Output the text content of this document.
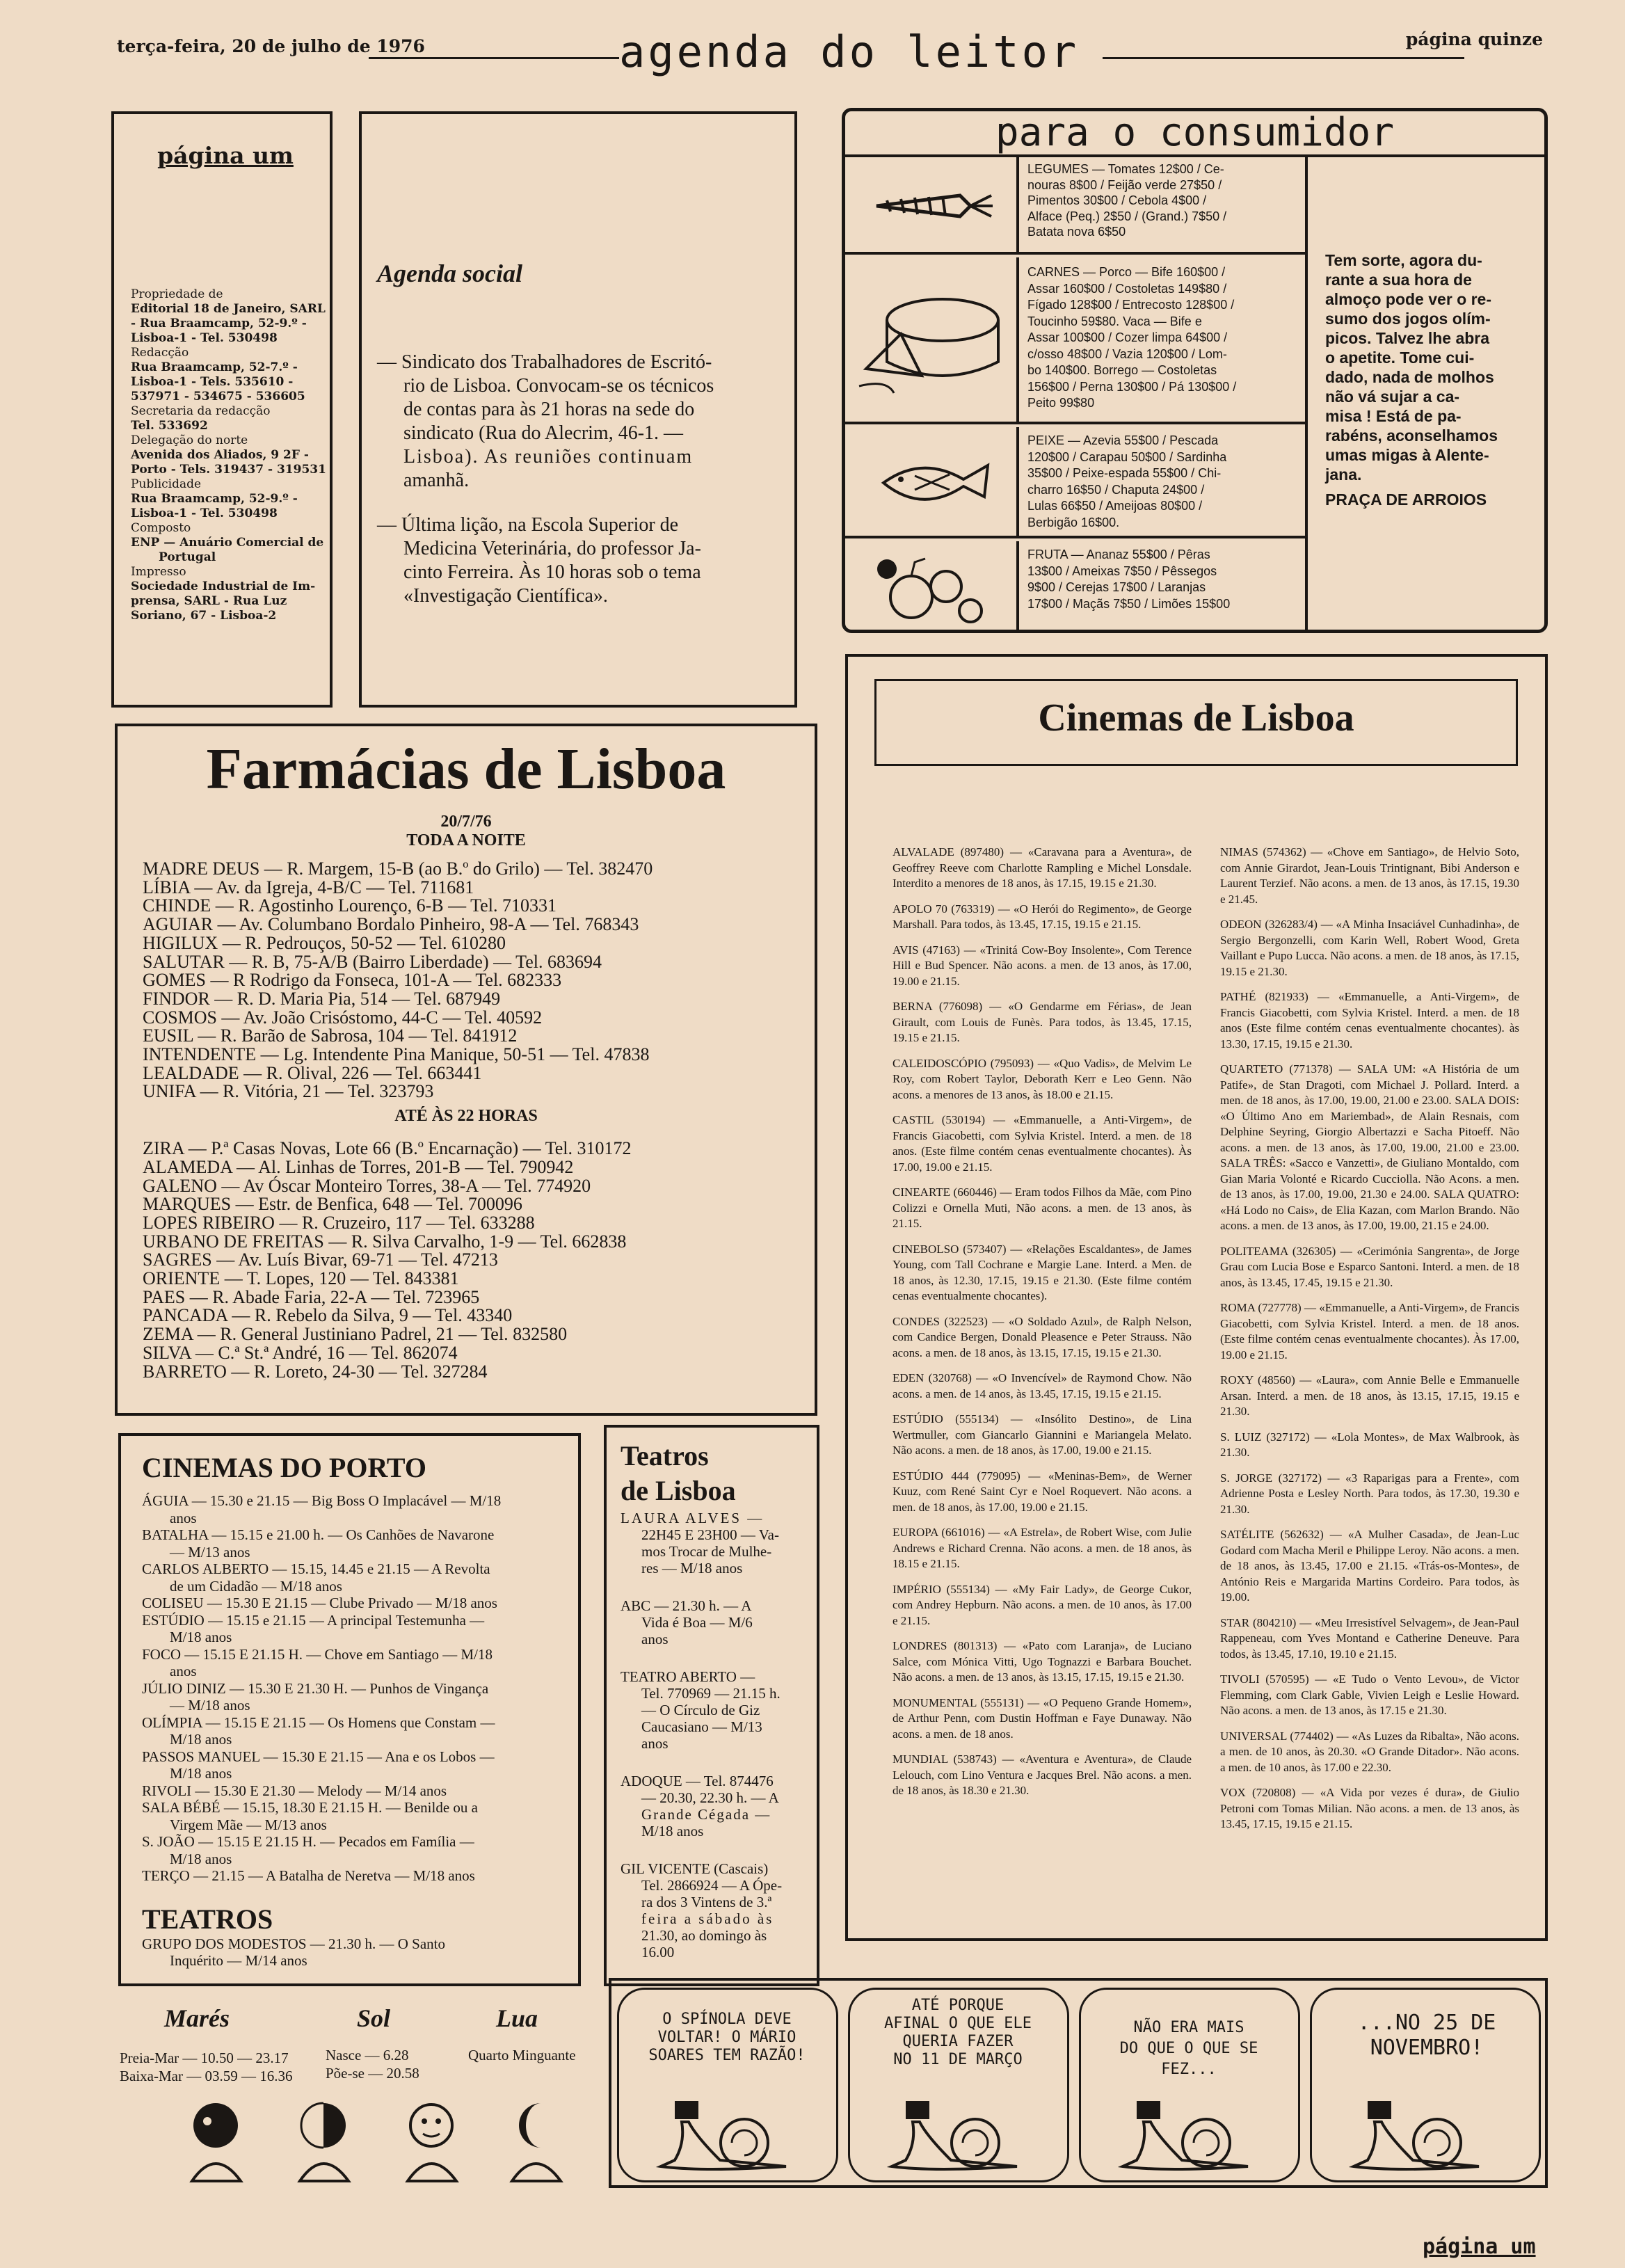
terça-feira, 20 de julho de 1976	agenda do leitor	página quinze
página um
Propriedade de
Editorial 18 de Janeiro, SARL
- Rua Braamcamp, 52-9.º -
Lisboa-1 - Tel. 530498
Redacção
Rua Braamcamp, 52-7.º -
Lisboa-1 - Tels. 535610 -
537971 - 534675 - 536605
Secretaria da redacção
Tel. 533692
Delegação do norte
Avenida dos Aliados, 9 2F -
Porto - Tels. 319437 - 319531
Publicidade
Rua Braamcamp, 52-9.º -
Lisboa-1 - Tel. 530498
Composto
ENP — Anuário Comercial de
Portugal
Impresso
Sociedade Industrial de Im-
prensa, SARL - Rua Luz
Soriano, 67 - Lisboa-2
Agenda social
— Sindicato dos Trabalhadores de Escritó-
rio de Lisboa. Convocam-se os técnicos
de contas para às 21 horas na sede do
sindicato (Rua do Alecrim, 46-1. —
Lisboa). As reuniões continuam
amanhã.
— Última lição, na Escola Superior de
Medicina Veterinária, do professor Ja-
cinto Ferreira. Às 10 horas sob o tema
«Investigação Científica».
para o consumidor
LEGUMES — Tomates 12$00 / Ce-
nouras 8$00 / Feijão verde 27$50 /
Pimentos 30$00 / Cebola 4$00 /
Alface (Peq.) 2$50 / (Grand.) 7$50 /
Batata nova 6$50
CARNES — Porco — Bife 160$00 /
Assar 160$00 / Costoletas 149$80 /
Fígado 128$00 / Entrecosto 128$00 /
Toucinho 59$80. Vaca — Bife e
Assar 100$00 / Cozer limpa 64$00 /
c/osso 48$00 / Vazia 120$00 / Lom-
bo 140$00. Borrego — Costoletas
156$00 / Perna 130$00 / Pá 130$00 /
Peito 99$80
PEIXE — Azevia 55$00 / Pescada
120$00 / Carapau 50$00 / Sardinha
35$00 / Peixe-espada 55$00 / Chi-
charro 16$50 / Chaputa 24$00 /
Lulas 66$50 / Ameijoas 80$00 /
Berbigão 16$00.
FRUTA — Ananaz 55$00 / Pêras
13$00 / Ameixas 7$50 / Pêssegos
9$00 / Cerejas 17$00 / Laranjas
17$00 / Maçãs 7$50 / Limões 15$00
Tem sorte, agora du-
rante a sua hora de
almoço pode ver o re-
sumo dos jogos olím-
picos. Talvez lhe abra
o apetite. Tome cui-
dado, nada de molhos
não vá sujar a ca-
misa ! Está de pa-
rabéns, aconselhamos
umas migas à Alente-
jana.
PRAÇA DE ARROIOS
Farmácias de Lisboa
20/7/76
TODA A NOITE
MADRE DEUS — R. Margem, 15-B (ao B.º do Grilo) — Tel. 382470
LÍBIA — Av. da Igreja, 4-B/C — Tel. 711681
CHINDE — R. Agostinho Lourenço, 6-B — Tel. 710331
AGUIAR — Av. Columbano Bordalo Pinheiro, 98-A — Tel. 768343
HIGILUX — R. Pedrouços, 50-52 — Tel. 610280
SALUTAR — R. B, 75-A/B (Bairro Liberdade) — Tel. 683694
GOMES — R Rodrigo da Fonseca, 101-A — Tel. 682333
FINDOR — R. D. Maria Pia, 514 — Tel. 687949
COSMOS — Av. João Crisóstomo, 44-C — Tel. 40592
EUSIL — R. Barão de Sabrosa, 104 — Tel. 841912
INTENDENTE — Lg. Intendente Pina Manique, 50-51 — Tel. 47838
LEALDADE — R. Olival, 226 — Tel. 663441
UNIFA — R. Vitória, 21 — Tel. 323793
ATÉ ÀS 22 HORAS
ZIRA — P.ª Casas Novas, Lote 66 (B.º Encarnação) — Tel. 310172
ALAMEDA — Al. Linhas de Torres, 201-B — Tel. 790942
GALENO — Av Óscar Monteiro Torres, 38-A — Tel. 774920
MARQUES — Estr. de Benfica, 648 — Tel. 700096
LOPES RIBEIRO — R. Cruzeiro, 117 — Tel. 633288
URBANO DE FREITAS — R. Silva Carvalho, 1-9 — Tel. 662838
SAGRES — Av. Luís Bivar, 69-71 — Tel. 47213
ORIENTE — T. Lopes, 120 — Tel. 843381
PAES — R. Abade Faria, 22-A — Tel. 723965
PANCADA — R. Rebelo da Silva, 9 — Tel. 43340
ZEMA — R. General Justiniano Padrel, 21 — Tel. 832580
SILVA — C.ª St.ª André, 16 — Tel. 862074
BARRETO — R. Loreto, 24-30 — Tel. 327284
Cinemas de Lisboa

ALVALADE (897480) — «Caravana para a Aventura», de Geoffrey Reeve com Charlotte Rampling e Michel Lonsdale. Interdito a menores de 18 anos, às 17.15, 19.15 e 21.30.

APOLO 70 (763319) — «O Herói do Regimento», de George Marshall. Para todos, às 13.45, 17.15, 19.15 e 21.15.

AVIS (47163) — «Trinitá Cow-Boy Insolente», Com Terence Hill e Bud Spencer. Não acons. a men. de 13 anos, às 17.00, 19.00 e 21.15.

BERNA (776098) — «O Gendarme em Férias», de Jean Girault, com Louis de Funès. Para todos, às 13.45, 17.15, 19.15 e 21.15.

CALEIDOSCÓPIO (795093) — «Quo Vadis», de Melvim Le Roy, com Robert Taylor, Deborath Kerr e Leo Genn. Não acons. a menores de 13 anos, às 18.00 e 21.15.

CASTIL (530194) — «Emmanuelle, a Anti-Virgem», de Francis Giacobetti, com Sylvia Kristel. Interd. a men. de 18 anos. (Este filme contém cenas eventualmente chocantes). Às 17.00, 19.00 e 21.15.

CINEARTE (660446) — Eram todos Filhos da Mãe, com Pino Colizzi e Ornella Muti, Não acons. a men. de 13 anos, às 21.15.

CINEBOLSO (573407) — «Relações Escaldantes», de James Young, com Tall Cochrane e Margie Lane. Interd. a Men. de 18 anos, às 12.30, 17.15, 19.15 e 21.30. (Este filme contém cenas eventualmente chocantes).

CONDES (322523) — «O Soldado Azul», de Ralph Nelson, com Candice Bergen, Donald Pleasence e Peter Strauss. Não acons. a men. de 18 anos, às 13.15, 17.15, 19.15 e 21.30.

EDEN (320768) — «O Invencível» de Raymond Chow. Não acons. a men. de 14 anos, às 13.45, 17.15, 19.15 e 21.15.

ESTÚDIO (555134) — «Insólito Destino», de Lina Wertmuller, com Giancarlo Giannini e Mariangela Melato. Não acons. a men. de 18 anos, às 17.00, 19.00 e 21.15.

ESTÚDIO 444 (779095) — «Meninas-Bem», de Werner Kuuz, com René Saint Cyr e Noel Roquevert. Não acons. a men. de 18 anos, às 17.00, 19.00 e 21.15.

EUROPA (661016) — «A Estrela», de Robert Wise, com Julie Andrews e Richard Crenna. Não acons. a men. de 18 anos, às 18.15 e 21.15.

IMPÉRIO (555134) — «My Fair Lady», de George Cukor, com Andrey Hepburn. Não acons. a men. de 10 anos, às 17.00 e 21.15.

LONDRES (801313) — «Pato com Laranja», de Luciano Salce, com Mónica Vitti, Ugo Tognazzi e Barbara Bouchet. Não acons. a men. de 13 anos, às 13.15, 17.15, 19.15 e 21.30.

MONUMENTAL (555131) — «O Pequeno Grande Homem», de Arthur Penn, com Dustin Hoffman e Faye Dunaway. Não acons. a men. de 18 anos.

MUNDIAL (538743) — «Aventura e Aventura», de Claude Lelouch, com Lino Ventura e Jacques Brel. Não acons. a men. de 18 anos, às 18.30 e 21.30.

NIMAS (574362) — «Chove em Santiago», de Helvio Soto, com Annie Girardot, Jean-Louis Trintignant, Bibi Anderson e Laurent Terzief. Não acons. a men. de 13 anos, às 17.15, 19.30 e 21.45.

ODEON (326283/4) — «A Minha Insaciável Cunhadinha», de Sergio Bergonzelli, com Karin Well, Robert Wood, Greta Vaillant e Pupo Lucca. Não acons. a men. de 18 anos, às 17.15, 19.15 e 21.30.

PATHÉ (821933) — «Emmanuelle, a Anti-Virgem», de Francis Giacobetti, com Sylvia Kristel. Interd. a men. de 18 anos (Este filme contém cenas eventualmente chocantes). às 13.30, 17.15, 19.15 e 21.30.

QUARTETO (771378) — SALA UM: «A História de um Patife», de Stan Dragoti, com Michael J. Pollard. Interd. a men. de 18 anos, às 17.00, 19.00, 21.00 e 23.00. SALA DOIS: «O Último Ano em Mariembad», de Alain Resnais, com Delphine Seyring, Giorgio Albertazzi e Sacha Pitoeff. Não acons. a men. de 13 anos, às 17.00, 19.00, 21.00 e 23.00. SALA TRÊS: «Sacco e Vanzetti», de Giuliano Montaldo, com Gian Maria Volonté e Ricardo Cucciolla. Não Acons. a men. de 13 anos, às 17.00, 19.00, 21.30 e 24.00. SALA QUATRO: «Há Lodo no Cais», de Elia Kazan, com Marlon Brando. Não acons. a men. de 13 anos, às 17.00, 19.00, 21.15 e 24.00.

POLITEAMA (326305) — «Cerimónia Sangrenta», de Jorge Grau com Lucia Bose e Esparco Santoni. Interd. a men. de 18 anos, às 13.45, 17.45, 19.15 e 21.30.

ROMA (727778) — «Emmanuelle, a Anti-Virgem», de Francis Giacobetti, com Sylvia Kristel. Interd. a men. de 18 anos. (Este filme contém cenas eventualmente chocantes). Às 17.00, 19.00 e 21.15.

ROXY (48560) — «Laura», com Annie Belle e Emmanuelle Arsan. Interd. a men. de 18 anos, às 13.15, 17.15, 19.15 e 21.30.

S. LUIZ (327172) — «Lola Montes», de Max Walbrook, às 21.30.

S. JORGE (327172) — «3 Raparigas para a Frente», com Adrienne Posta e Lesley North. Para todos, às 17.30, 19.30 e 21.30.

SATÉLITE (562632) — «A Mulher Casada», de Jean-Luc Godard com Macha Meril e Philippe Leroy. Não acons. a men. de 18 anos, às 13.45, 17.00 e 21.15. «Trás-os-Montes», de António Reis e Margarida Martins Cordeiro. Para todos, às 19.00.

STAR (804210) — «Meu Irresistível Selvagem», de Jean-Paul Rappeneau, com Yves Montand e Catherine Deneuve. Para todos, às 13.45, 17.10, 19.10 e 21.15.

TIVOLI (570595) — «E Tudo o Vento Levou», de Victor Flemming, com Clark Gable, Vivien Leigh e Leslie Howard. Não acons. a men. de 13 anos, às 17.15 e 21.30.

UNIVERSAL (774402) — «As Luzes da Ribalta», Não acons. a men. de 10 anos, às 20.30. «O Grande Ditador». Não acons. a men. de 10 anos, às 17.00 e 22.30.

VOX (720808) — «A Vida por vezes é dura», de Giulio Petroni com Tomas Milian. Não acons. a men. de 13 anos, às 13.45, 17.15, 19.15 e 21.15.

CINEMAS DO PORTO
ÁGUIA — 15.30 e 21.15 — Big Boss O Implacável — M/18
anos
BATALHA — 15.15 e 21.00 h. — Os Canhões de Navarone
— M/13 anos
CARLOS ALBERTO — 15.15, 14.45 e 21.15 — A Revolta
de um Cidadão — M/18 anos
COLISEU — 15.30 E 21.15 — Clube Privado — M/18 anos
ESTÚDIO — 15.15 e 21.15 — A principal Testemunha —
M/18 anos
FOCO — 15.15 E 21.15 H. — Chove em Santiago — M/18
anos
JÚLIO DINIZ — 15.30 E 21.30 H. — Punhos de Vingança
— M/18 anos
OLÍMPIA — 15.15 E 21.15 — Os Homens que Constam —
M/18 anos
PASSOS MANUEL — 15.30 E 21.15 — Ana e os Lobos —
M/18 anos
RIVOLI — 15.30 E 21.30 — Melody — M/14 anos
SALA BÉBÉ — 15.15, 18.30 E 21.15 H. — Benilde ou a
Virgem Mãe — M/13 anos
S. JOÃO — 15.15 E 21.15 H. — Pecados em Família —
M/18 anos
TERÇO — 21.15 — A Batalha de Neretva — M/18 anos
TEATROS
GRUPO DOS MODESTOS — 21.30 h. — O Santo
Inquérito — M/14 anos
Teatros
de Lisboa
LAURA ALVES —
22H45 E 23H00 — Va-
mos Trocar de Mulhe-
res — M/18 anos
ABC — 21.30 h. — A
Vida é Boa — M/6
anos
TEATRO ABERTO —
Tel. 770969 — 21.15 h.
— O Círculo de Giz
Caucasiano — M/13
anos
ADOQUE — Tel. 874476
— 20.30, 22.30 h. — A
Grande Cégada —
M/18 anos
GIL VICENTE (Cascais)
Tel. 2866924 — A Ópe-
ra dos 3 Vintens de 3.ª
feira a sábado às
21.30, ao domingo às
16.00
Marés	Sol	Lua
Preia-Mar — 10.50 — 23.17
Baixa-Mar — 03.59 — 16.36
Nasce — 6.28
Põe-se — 20.58
Quarto Minguante
O SPÍNOLA DEVE
VOLTAR! O MÁRIO
SOARES TEM RAZÃO!
ATÉ PORQUE
AFINAL O QUE ELE
QUERIA FAZER
NO 11 DE MARÇO
NÃO ERA MAIS
DO QUE O QUE SE FEZ...
...NO 25 DE
NOVEMBRO!
página um
